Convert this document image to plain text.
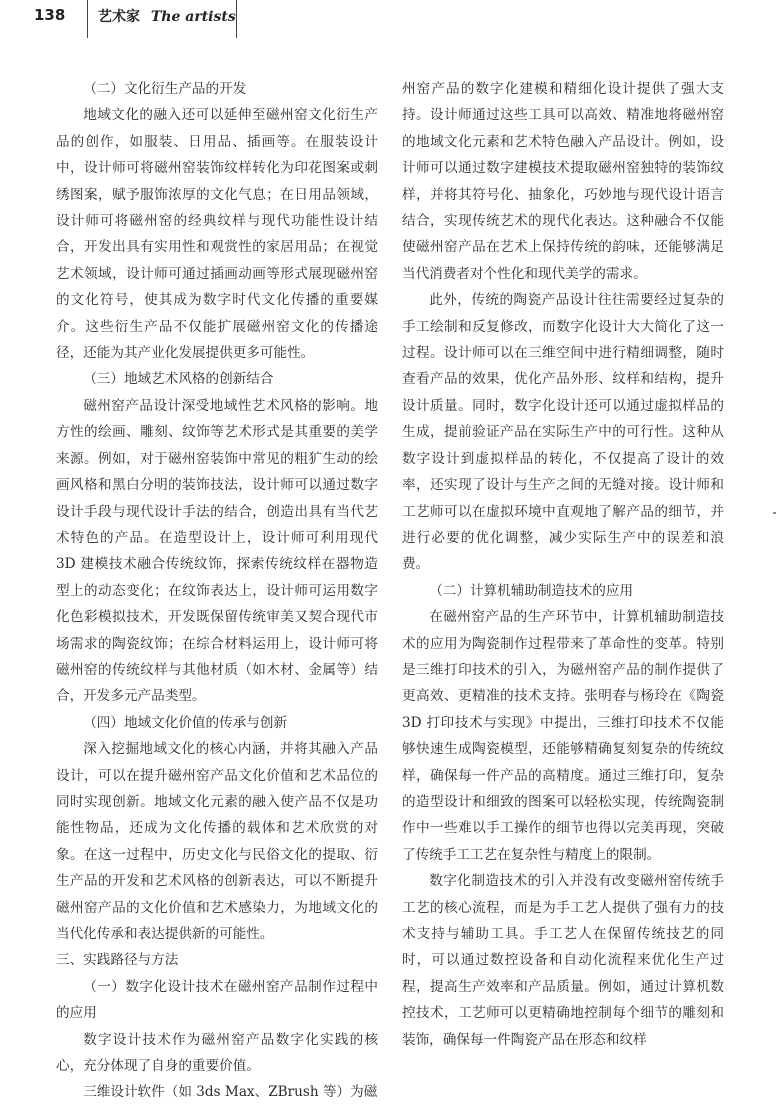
138 艺术家 The artists
（二）文化衍生产品的开发

地域文化的融入还可以延伸至磁州窑文化衍生产品的创作，如服装、日用品、插画等。在服装设计中，设计师可将磁州窑装饰纹样转化为印花图案或刺绣图案，赋予服饰浓厚的文化气息；在日用品领域，设计师可将磁州窑的经典纹样与现代功能性设计结合，开发出具有实用性和观赏性的家居用品；在视觉艺术领域，设计师可通过插画动画等形式展现磁州窑的文化符号，使其成为数字时代文化传播的重要媒介。这些衍生产品不仅能扩展磁州窑文化的传播途径，还能为其产业化发展提供更多可能性。

（三）地域艺术风格的创新结合

磁州窑产品设计深受地域性艺术风格的影响。地方性的绘画、雕刻、纹饰等艺术形式是其重要的美学来源。例如，对于磁州窑装饰中常见的粗犷生动的绘画风格和黑白分明的装饰技法，设计师可以通过数字设计手段与现代设计手法的结合，创造出具有当代艺术特色的产品。在造型设计上，设计师可利用现代 3D 建模技术融合传统纹饰，探索传统纹样在器物造型上的动态变化；在纹饰表达上，设计师可运用数字化色彩模拟技术，开发既保留传统审美又契合现代市场需求的陶瓷纹饰；在综合材料运用上，设计师可将磁州窑的传统纹样与其他材质（如木材、金属等）结合，开发多元产品类型。

（四）地域文化价值的传承与创新

深入挖掘地域文化的核心内涵，并将其融入产品设计，可以在提升磁州窑产品文化价值和艺术品位的同时实现创新。地域文化元素的融入使产品不仅是功能性物品，还成为文化传播的载体和艺术欣赏的对象。在这一过程中，历史文化与民俗文化的提取、衍生产品的开发和艺术风格的创新表达，可以不断提升磁州窑产品的文化价值和艺术感染力，为地域文化的当代化传承和表达提供新的可能性。

三、实践路径与方法
（一）数字化设计技术在磁州窑产品制作过程中的应用

数字设计技术作为磁州窑产品数字化实践的核心，充分体现了自身的重要价值。

三维设计软件（如 3ds Max、ZBrush 等）为磁

州窑产品的数字化建模和精细化设计提供了强大支持。设计师通过这些工具可以高效、精准地将磁州窑的地域文化元素和艺术特色融入产品设计。例如，设计师可以通过数字建模技术提取磁州窑独特的装饰纹样，并将其符号化、抽象化，巧妙地与现代设计语言结合，实现传统艺术的现代化表达。这种融合不仅能使磁州窑产品在艺术上保持传统的韵味，还能够满足当代消费者对个性化和现代美学的需求。

此外，传统的陶瓷产品设计往往需要经过复杂的手工绘制和反复修改，而数字化设计大大简化了这一过程。设计师可以在三维空间中进行精细调整，随时查看产品的效果，优化产品外形、纹样和结构，提升设计质量。同时，数字化设计还可以通过虚拟样品的生成，提前验证产品在实际生产中的可行性。这种从数字设计到虚拟样品的转化，不仅提高了设计的效率，还实现了设计与生产之间的无缝对接。设计师和工艺师可以在虚拟环境中直观地了解产品的细节，并进行必要的优化调整，减少实际生产中的误差和浪费。

（二）计算机辅助制造技术的应用

在磁州窑产品的生产环节中，计算机辅助制造技术的应用为陶瓷制作过程带来了革命性的变革。特别是三维打印技术的引入，为磁州窑产品的制作提供了更高效、更精准的技术支持。张明春与杨玲在《陶瓷 3D 打印技术与实现》中提出，三维打印技术不仅能够快速生成陶瓷模型，还能够精确复刻复杂的传统纹样，确保每一件产品的高精度。通过三维打印，复杂的造型设计和细致的图案可以轻松实现，传统陶瓷制作中一些难以手工操作的细节也得以完美再现，突破了传统手工工艺在复杂性与精度上的限制。

数字化制造技术的引入并没有改变磁州窑传统手工艺的核心流程，而是为手工艺人提供了强有力的技术支持与辅助工具。手工艺人在保留传统技艺的同时，可以通过数控设备和自动化流程来优化生产过程，提高生产效率和产品质量。例如，通过计算机数控技术，工艺师可以更精确地控制每个细节的雕刻和装饰，确保每一件陶瓷产品在形态和纹样
